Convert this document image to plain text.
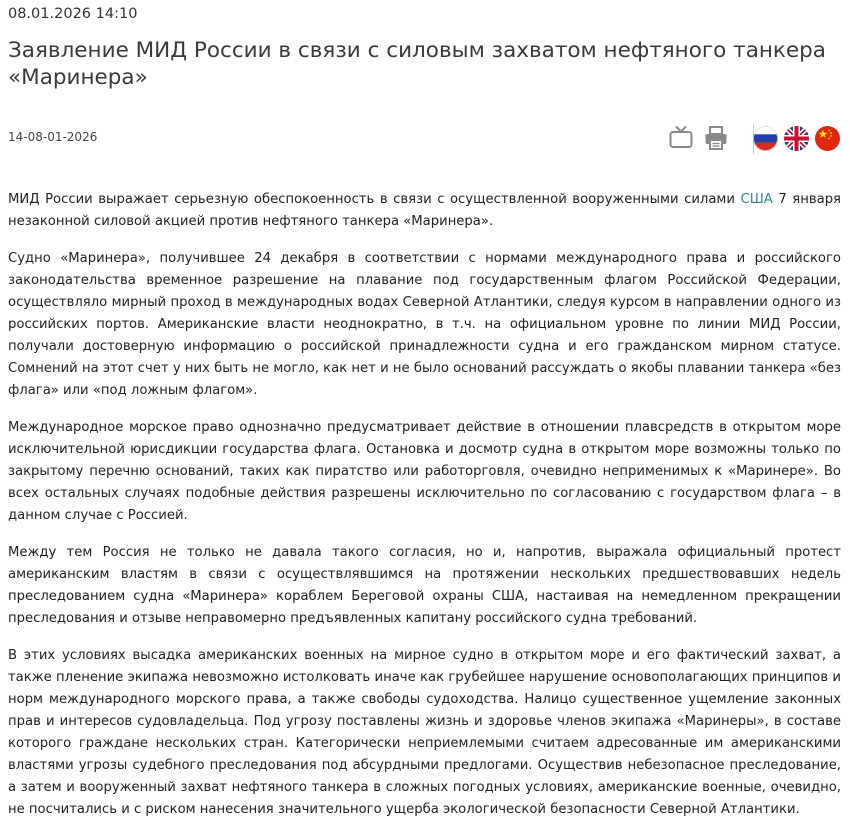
08.01.2026 14:10
Заявление МИД России в связи с силовым захватом нефтяного танкера «Маринера»
14-08-01-2026

МИД России выражает серьезную обеспокоенность в связи с осуществленной вооруженными силами США 7 января незаконной силовой акцией против нефтяного танкера «Маринера».

Судно «Маринера», получившее 24 декабря в соответствии с нормами международного права и российского законодательства временное разрешение на плавание под государственным флагом Российской Федерации, осуществляло мирный проход в международных водах Северной Атлантики, следуя курсом в направлении одного из российских портов. Американские власти неоднократно, в т.ч. на официальном уровне по линии МИД России, получали достоверную информацию о российской принадлежности судна и его гражданском мирном статусе. Сомнений на этот счет у них быть не могло, как нет и не было оснований рассуждать о якобы плавании танкера «без флага» или «под ложным флагом».

Международное морское право однозначно предусматривает действие в отношении плавсредств в открытом море исключительной юрисдикции государства флага. Остановка и досмотр судна в открытом море возможны только по закрытому перечню оснований, таких как пиратство или работорговля, очевидно неприменимых к «Маринере». Во всех остальных случаях подобные действия разрешены исключительно по согласованию с государством флага – в данном случае с Россией.

Между тем Россия не только не давала такого согласия, но и, напротив, выражала официальный протест американским властям в связи с осуществлявшимся на протяжении нескольких предшествовавших недель преследованием судна «Маринера» кораблем Береговой охраны США, настаивая на немедленном прекращении преследования и отзыве неправомерно предъявленных капитану российского судна требований.

В этих условиях высадка американских военных на мирное судно в открытом море и его фактический захват, а также пленение экипажа невозможно истолковать иначе как грубейшее нарушение основополагающих принципов и норм международного морского права, а также свободы судоходства. Налицо существенное ущемление законных прав и интересов судовладельца. Под угрозу поставлены жизнь и здоровье членов экипажа «Маринеры», в составе которого граждане нескольких стран. Категорически неприемлемыми считаем адресованные им американскими властями угрозы судебного преследования под абсурдными предлогами. Осуществив небезопасное преследование, а затем и вооруженный захват нефтяного танкера в сложных погодных условиях, американские военные, очевидно, не посчитались и с риском нанесения значительного ущерба экологической безопасности Северной Атлантики.
